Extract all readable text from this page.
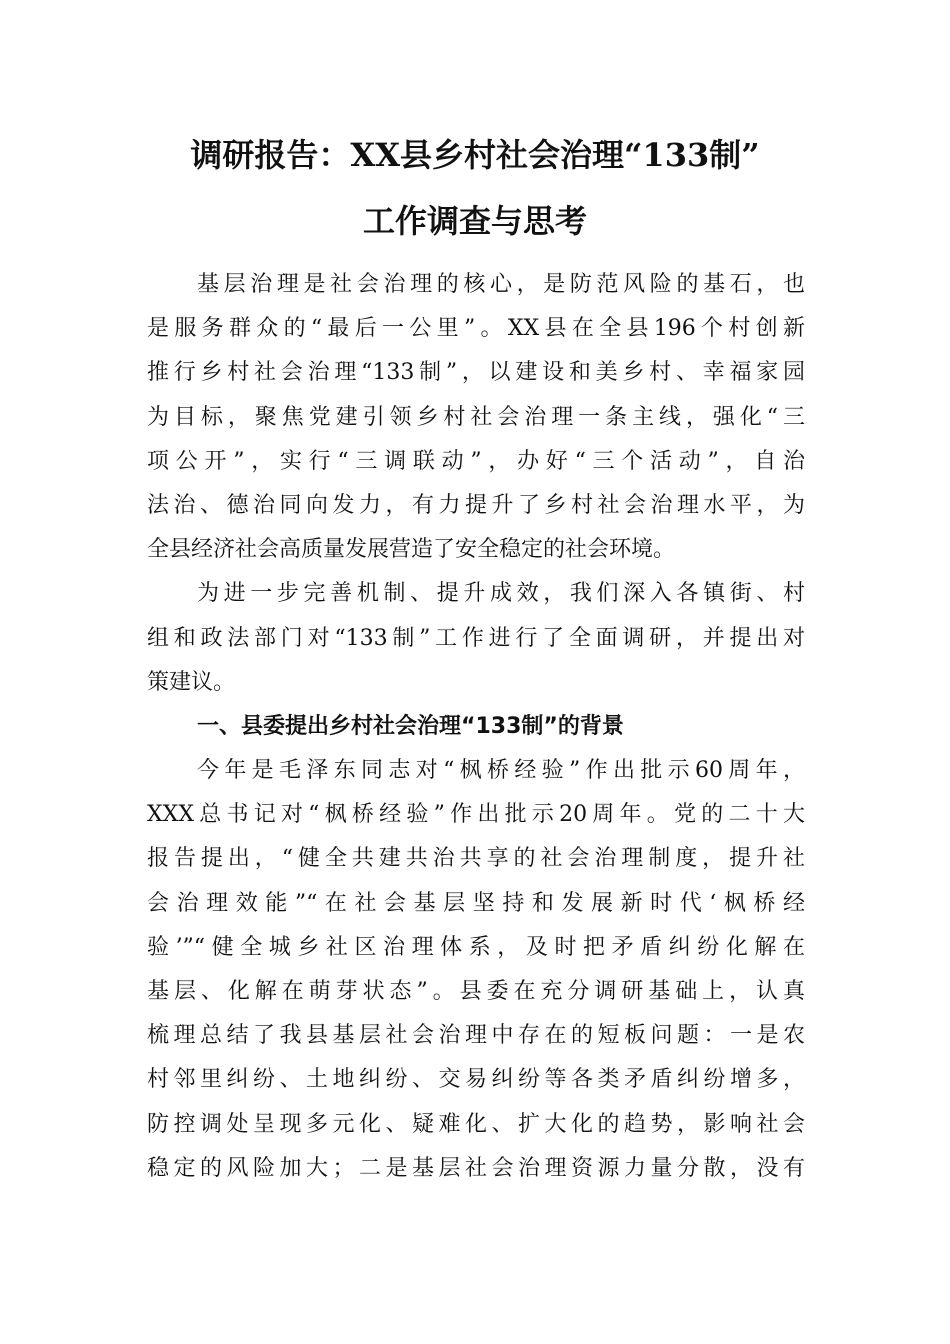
调研报告：XX县乡村社会治理“133制”
工作调查与思考
基层治理是社会治理的核心，是防范风险的基石，也
是服务群众的“最后一公里”。XX县在全县196个村创新
推行乡村社会治理“133制”，以建设和美乡村、幸福家园
为目标，聚焦党建引领乡村社会治理一条主线，强化“三
项公开”，实行“三调联动”，办好“三个活动”，自治
法治、德治同向发力，有力提升了乡村社会治理水平，为
全县经济社会高质量发展营造了安全稳定的社会环境。
为进一步完善机制、提升成效，我们深入各镇街、村
组和政法部门对“133制”工作进行了全面调研，并提出对
策建议。
一、县委提出乡村社会治理“133制”的背景
今年是毛泽东同志对“枫桥经验”作出批示60周年，
XXX总书记对“枫桥经验”作出批示20周年。党的二十大
报告提出，“健全共建共治共享的社会治理制度，提升社
会治理效能”“在社会基层坚持和发展新时代‘枫桥经
验’”“健全城乡社区治理体系，及时把矛盾纠纷化解在
基层、化解在萌芽状态”。县委在充分调研基础上，认真
梳理总结了我县基层社会治理中存在的短板问题：一是农
村邻里纠纷、土地纠纷、交易纠纷等各类矛盾纠纷增多，
防控调处呈现多元化、疑难化、扩大化的趋势，影响社会
稳定的风险加大；二是基层社会治理资源力量分散，没有
